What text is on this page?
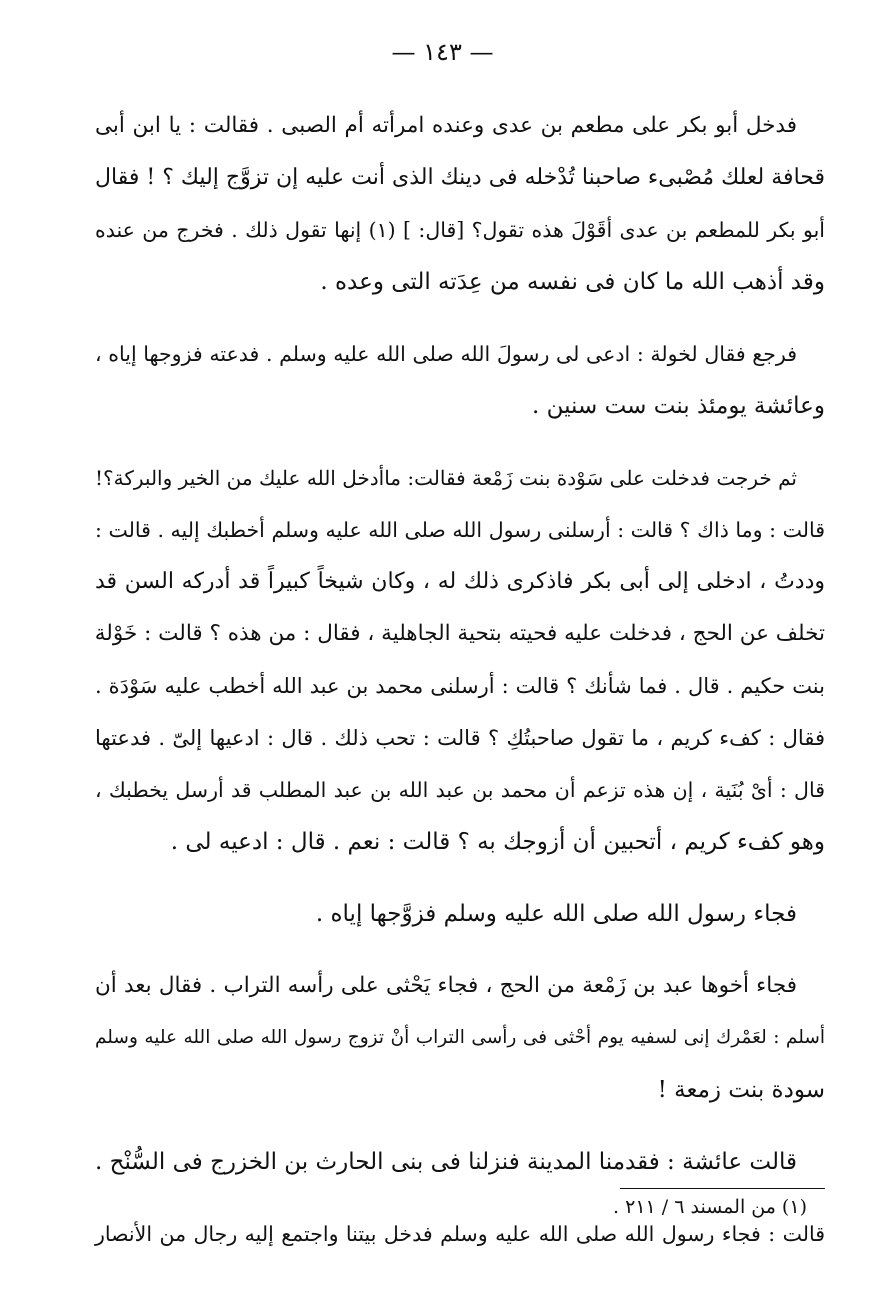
— ١٤٣ —
فدخل أبو بكر على مطعم بن عدى وعنده امرأته أم الصبى . فقالت : يا ابن أبى
قحافة لعلك مُصْبىء صاحبنا تُدْخله فى دينك الذى أنت عليه إن تزوَّج إليك ؟ ! فقال
أبو بكر للمطعم بن عدى أقَوْلَ هذه تقول؟ [قال: ] (١) إنها تقول ذلك . فخرج من عنده
وقد أذهب الله ما كان فى نفسه من عِدَته التى وعده .
فرجع فقال لخولة : ادعى لى رسولَ الله صلى الله عليه وسلم . فدعته فزوجها إياه ،
وعائشة يومئذ بنت ست سنين .
ثم خرجت فدخلت على سَوْدة بنت زَمْعة فقالت: ماأدخل الله عليك من الخير والبركة؟!
قالت : وما ذاك ؟ قالت : أرسلنى رسول الله صلى الله عليه وسلم أخطبك إليه . قالت :
وددتُ ، ادخلى إلى أبى بكر فاذكرى ذلك له ، وكان شيخاً كبيراً قد أدركه السن قد
تخلف عن الحج ، فدخلت عليه فحيته بتحية الجاهلية ، فقال : من هذه ؟ قالت : خَوْلة
بنت حكيم . قال . فما شأنك ؟ قالت : أرسلنى محمد بن عبد الله أخطب عليه سَوْدَة .
فقال : كفء كريم ، ما تقول صاحبتُكِ ؟ قالت : تحب ذلك . قال : ادعيها إلىّ . فدعتها
قال : أىْ بُنَية ، إن هذه تزعم أن محمد بن عبد الله بن عبد المطلب قد أرسل يخطبك ،
وهو كفء كريم ، أتحبين أن أزوجك به ؟ قالت : نعم . قال : ادعيه لى .
فجاء رسول الله صلى الله عليه وسلم فزوَّجها إياه .
فجاء أخوها عبد بن زَمْعة من الحج ، فجاء يَحْثى على رأسه التراب . فقال بعد أن
أسلم : لعَمْرك إنى لسفيه يوم أحْثى فى رأسى التراب أنْ تزوج رسول الله صلى الله عليه وسلم
سودة بنت زمعة !
قالت عائشة : فقدمنا المدينة فنزلنا فى بنى الحارث بن الخزرج فى السُّنْح .
قالت : فجاء رسول الله صلى الله عليه وسلم فدخل بيتنا واجتمع إليه رجال من الأنصار
(١) من المسند ٦ / ٢١١ .
